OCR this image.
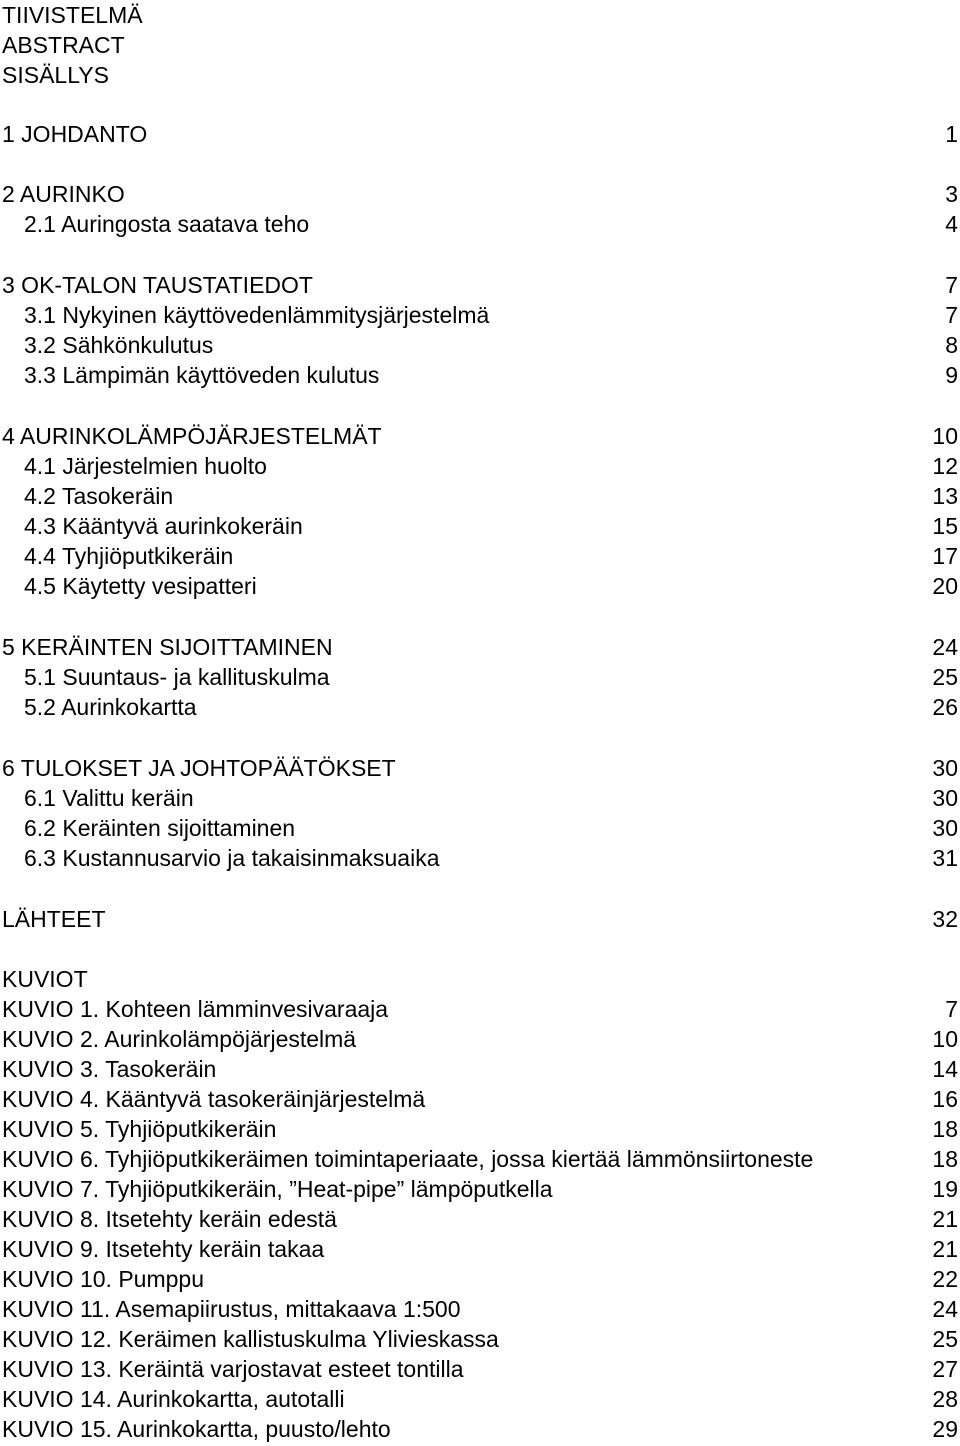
TIIVISTELMÄ
ABSTRACT
SISÄLLYS
1 JOHDANTO	1
2 AURINKO	3
2.1 Auringosta saatava teho	4
3 OK-TALON TAUSTATIEDOT	7
3.1 Nykyinen käyttövedenlämmitysjärjestelmä	7
3.2 Sähkönkulutus	8
3.3 Lämpimän käyttöveden kulutus	9
4 AURINKOLÄMPÖJÄRJESTELMÄT	10
4.1 Järjestelmien huolto	12
4.2 Tasokeräin	13
4.3 Kääntyvä aurinkokeräin	15
4.4 Tyhjiöputkikeräin	17
4.5 Käytetty vesipatteri	20
5 KERÄINTEN SIJOITTAMINEN	24
5.1 Suuntaus- ja kallituskulma	25
5.2 Aurinkokartta	26
6 TULOKSET JA JOHTOPÄÄTÖKSET	30
6.1 Valittu keräin	30
6.2 Keräinten sijoittaminen	30
6.3 Kustannusarvio ja takaisinmaksuaika	31
LÄHTEET	32
KUVIOT
KUVIO 1. Kohteen lämminvesivaraaja	7
KUVIO 2. Aurinkolämpöjärjestelmä	10
KUVIO 3. Tasokeräin	14
KUVIO 4. Kääntyvä tasokeräinjärjestelmä	16
KUVIO 5. Tyhjiöputkikeräin	18
KUVIO 6. Tyhjiöputkikeräimen toimintaperiaate, jossa kiertää lämmönsiirtoneste	18
KUVIO 7. Tyhjiöputkikeräin, ”Heat-pipe” lämpöputkella	19
KUVIO 8. Itsetehty keräin edestä	21
KUVIO 9. Itsetehty keräin takaa	21
KUVIO 10. Pumppu	22
KUVIO 11. Asemapiirustus, mittakaava 1:500	24
KUVIO 12. Keräimen kallistuskulma Ylivieskassa	25
KUVIO 13. Keräintä varjostavat esteet tontilla	27
KUVIO 14. Aurinkokartta, autotalli	28
KUVIO 15. Aurinkokartta, puusto/lehto	29
